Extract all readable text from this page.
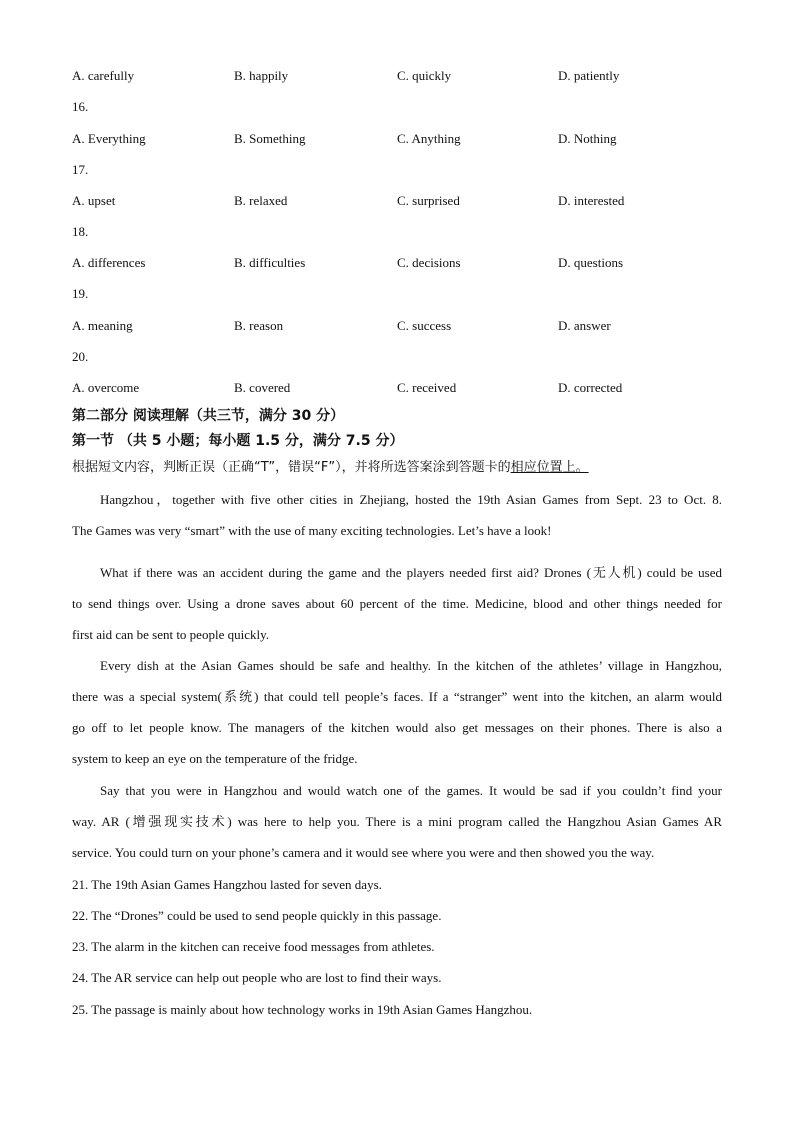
A. carefully	B. happily	C. quickly	D. patiently
16.
A. Everything	B. Something	C. Anything	D. Nothing
17.
A. upset	B. relaxed	C. surprised	D. interested
18.
A. differences	B. difficulties	C. decisions	D. questions
19.
A. meaning	B. reason	C. success	D. answer
20.
A. overcome	B. covered	C. received	D. corrected
第二部分 阅读理解（共三节，满分 30 分）
第一节 （共 5 小题；每小题 1.5 分，满分 7.5 分）
根据短文内容，判断正误（正确“T”，错误“F”），并将所选答案涂到答题卡的相应位置上。
Hangzhou，together with five other cities in Zhejiang, hosted the 19th Asian Games from Sept. 23 to Oct. 8.
The Games was very “smart” with the use of many exciting technologies. Let’s have a look!
What if there was an accident during the game and the players needed first aid? Drones (无人机) could be used
to send things over. Using a drone saves about 60 percent of the time. Medicine, blood and other things needed for
first aid can be sent to people quickly.
Every dish at the Asian Games should be safe and healthy. In the kitchen of the athletes’ village in Hangzhou,
there was a special system(系统) that could tell people’s faces. If a “stranger” went into the kitchen, an alarm would
go off to let people know. The managers of the kitchen would also get messages on their phones. There is also a
system to keep an eye on the temperature of the fridge.
Say that you were in Hangzhou and would watch one of the games. It would be sad if you couldn’t find your
way. AR (增强现实技术) was here to help you. There is a mini program called the Hangzhou Asian Games AR
service. You could turn on your phone’s camera and it would see where you were and then showed you the way.
21. The 19th Asian Games Hangzhou lasted for seven days.
22. The “Drones” could be used to send people quickly in this passage.
23. The alarm in the kitchen can receive food messages from athletes.
24. The AR service can help out people who are lost to find their ways.
25. The passage is mainly about how technology works in 19th Asian Games Hangzhou.
